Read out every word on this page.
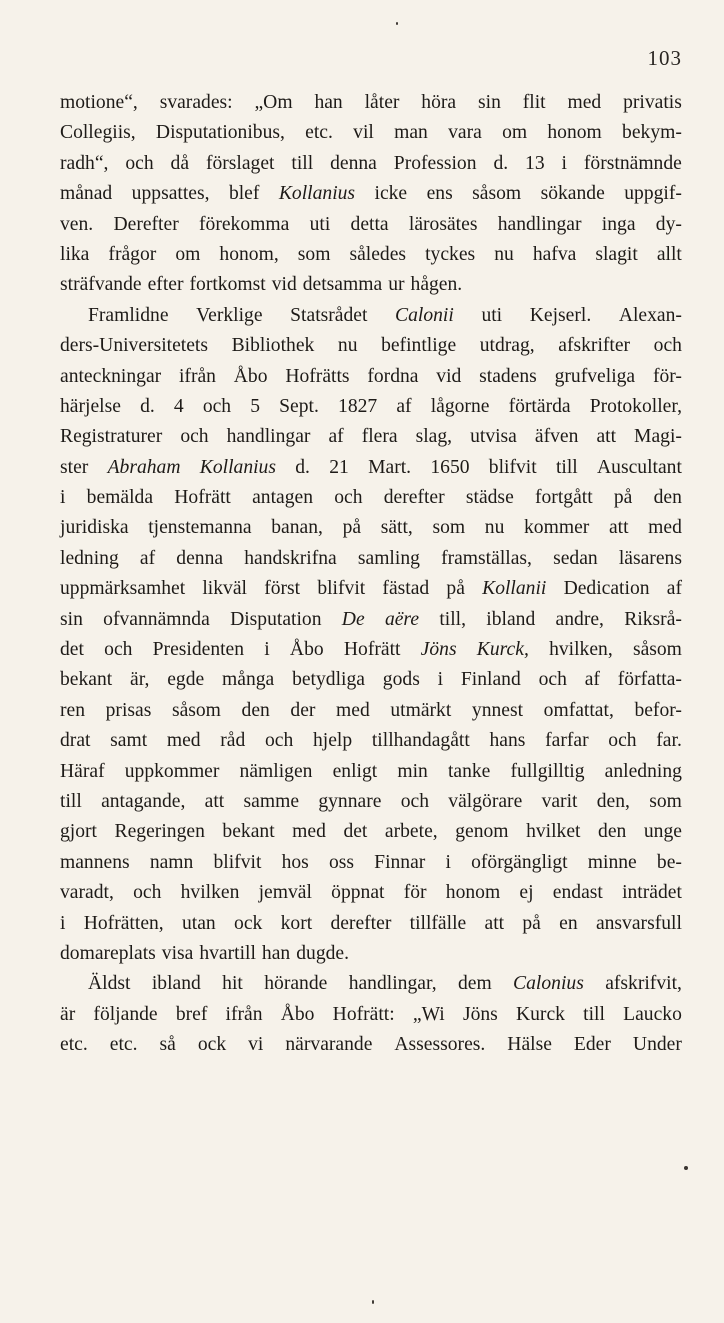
103
motione“, svarades: „Om han låter höra sin flit med privatis
Collegiis, Disputationibus, etc. vil man vara om honom bekym-
radh“, och då förslaget till denna Profession d. 13 i förstnämnde
månad uppsattes, blef Kollanius icke ens såsom sökande uppgif-
ven. Derefter förekomma uti detta lärosätes handlingar inga dy-
lika frågor om honom, som således tyckes nu hafva slagit allt
sträfvande efter fortkomst vid detsamma ur hågen.
Framlidne Verklige Statsrådet Calonii uti Kejserl. Alexan-
ders-Universitetets Bibliothek nu befintlige utdrag, afskrifter och
anteckningar ifrån Åbo Hofrätts fordna vid stadens grufveliga för-
härjelse d. 4 och 5 Sept. 1827 af lågorne förtärda Protokoller,
Registraturer och handlingar af flera slag, utvisa äfven att Magi-
ster Abraham Kollanius d. 21 Mart. 1650 blifvit till Auscultant
i bemälda Hofrätt antagen och derefter städse fortgått på den
juridiska tjenstemanna banan, på sätt, som nu kommer att med
ledning af denna handskrifna samling framställas, sedan läsarens
uppmärksamhet likväl först blifvit fästad på Kollanii Dedication af
sin ofvannämnda Disputation De aëre till, ibland andre, Riksrå-
det och Presidenten i Åbo Hofrätt Jöns Kurck, hvilken, såsom
bekant är, egde många betydliga gods i Finland och af författa-
ren prisas såsom den der med utmärkt ynnest omfattat, befor-
drat samt med råd och hjelp tillhandagått hans farfar och far.
Häraf uppkommer nämligen enligt min tanke fullgilltig anledning
till antagande, att samme gynnare och välgörare varit den, som
gjort Regeringen bekant med det arbete, genom hvilket den unge
mannens namn blifvit hos oss Finnar i oförgängligt minne be-
varadt, och hvilken jemväl öppnat för honom ej endast inträdet
i Hofrätten, utan ock kort derefter tillfälle att på en ansvarsfull
domareplats visa hvartill han dugde.
Äldst ibland hit hörande handlingar, dem Calonius afskrifvit,
är följande bref ifrån Åbo Hofrätt: „Wi Jöns Kurck till Laucko
etc. etc. så ock vi närvarande Assessores. Hälse Eder Under
